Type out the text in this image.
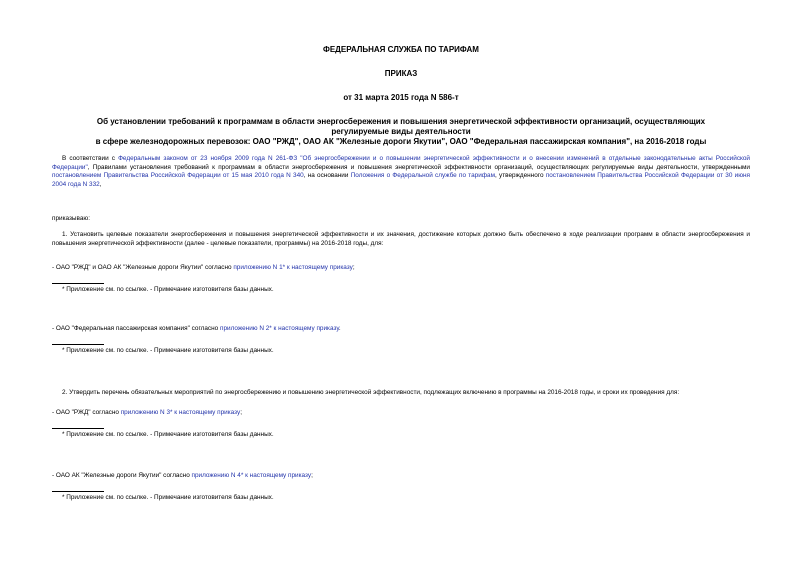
ФЕДЕРАЛЬНАЯ СЛУЖБА ПО ТАРИФАМ
ПРИКАЗ
от 31 марта 2015 года N 586-т
Об установлении требований к программам в области энергосбережения и повышения энергетической эффективности организаций, осуществляющих
регулируемые виды деятельности
в сфере железнодорожных перевозок: ОАО "РЖД", ОАО АК "Железные дороги Якутии", ОАО "Федеральная пассажирская компания", на 2016-2018 годы

В соответствии с Федеральным законом от 23 ноября 2009 года N 261-ФЗ "Об энергосбережении и о повышении энергетической эффективности и о внесении изменений в отдельные законодательные акты Российской Федерации", Правилами установления требований к программам в области энергосбережения и повышения энергетической эффективности организаций, осуществляющих регулируемые виды деятельности, утвержденными постановлением Правительства Российской Федерации от 15 мая 2010 года N 340, на основании Положения о Федеральной службе по тарифам, утвержденного постановлением Правительства Российской Федерации от 30 июня 2004 года N 332,

приказываю:

1. Установить целевые показатели энергосбережения и повышения энергетической эффективности и их значения, достижение которых должно быть обеспечено в ходе реализации программ в области энергосбережения и повышения энергетической эффективности (далее - целевые показатели, программы) на 2016-2018 годы, для:

- ОАО "РЖД" и ОАО АК "Железные дороги Якутии" согласно приложению N 1* к настоящему приказу;

* Приложение см. по ссылке. - Примечание изготовителя базы данных.

- ОАО "Федеральная пассажирская компания" согласно приложению N 2* к настоящему приказу.

* Приложение см. по ссылке. - Примечание изготовителя базы данных.

2. Утвердить перечень обязательных мероприятий по энергосбережению и повышению энергетической эффективности, подлежащих включению в программы на 2016-2018 годы, и сроки их проведения для:

- ОАО "РЖД" согласно приложению N 3* к настоящему приказу;

* Приложение см. по ссылке. - Примечание изготовителя базы данных.

- ОАО АК "Железные дороги Якутии" согласно приложению N 4* к настоящему приказу;

* Приложение см. по ссылке. - Примечание изготовителя базы данных.
